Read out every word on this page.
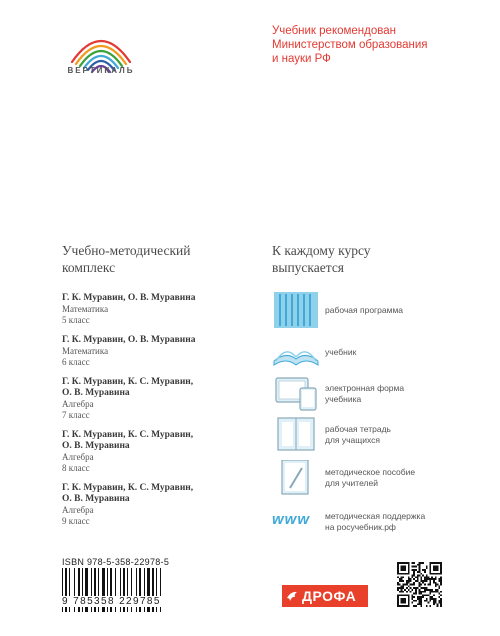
ВЕРТИКАЛЬ
Учебник рекомендован
Министерством образования
и науки РФ
Учебно-методический
комплекс
К каждому курсу
выпускается
Г. К. Муравин, О. В. Муравина
Математика
5 класс
Г. К. Муравин, О. В. Муравина
Математика
6 класс
Г. К. Муравин, К. С. Муравин,
О. В. Муравина
Алгебра
7 класс
Г. К. Муравин, К. С. Муравин,
О. В. Муравина
Алгебра
8 класс
Г. К. Муравин, К. С. Муравин,
О. В. Муравина
Алгебра
9 класс
рабочая программа
учебник
электронная форма
учебника
рабочая тетрадь
для учащихся
методическое пособие
для учителей
www методическая поддержка
на росучебник.рф
ISBN 978-5-358-22978-5
9 785358 229785	ДРОФА
